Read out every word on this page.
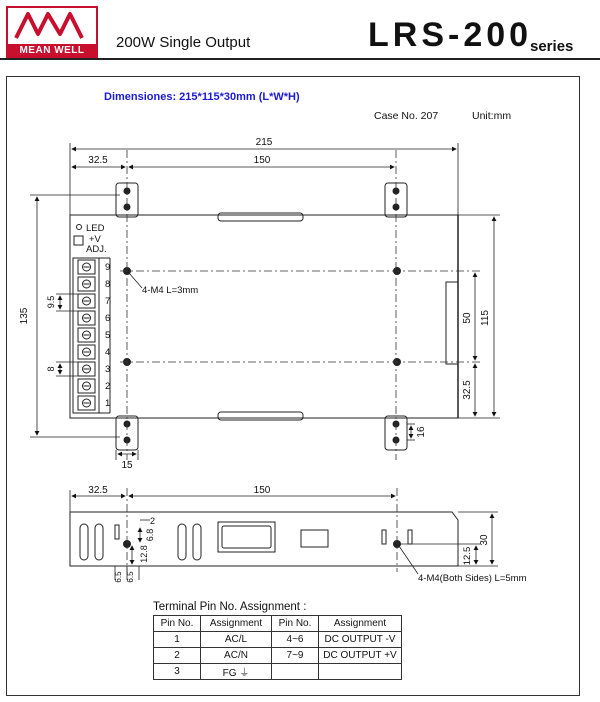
MEAN WELL	200W Single Output	LRS-200
series
Dimensiones: 215*115*30mm (L*W*H)
Case No. 207	Unit:mm
215
32.5	150
135	115
50
32.5
16
15
9.5
8
4-M4 L=3mm
LED
+V
ADJ.
9
8
7
6
5
4
3
2
1
32.5	150
30
12.5
12.8
6.8
2
6.5 6.5	4-M4(Both Sides) L=5mm
Terminal Pin No. Assignment :
Pin No.	Assignment	Pin No.	Assignment
1	AC/L	4~6	DC OUTPUT -V
2	AC/N	7~9	DC OUTPUT +V
3	FG ⏚		
